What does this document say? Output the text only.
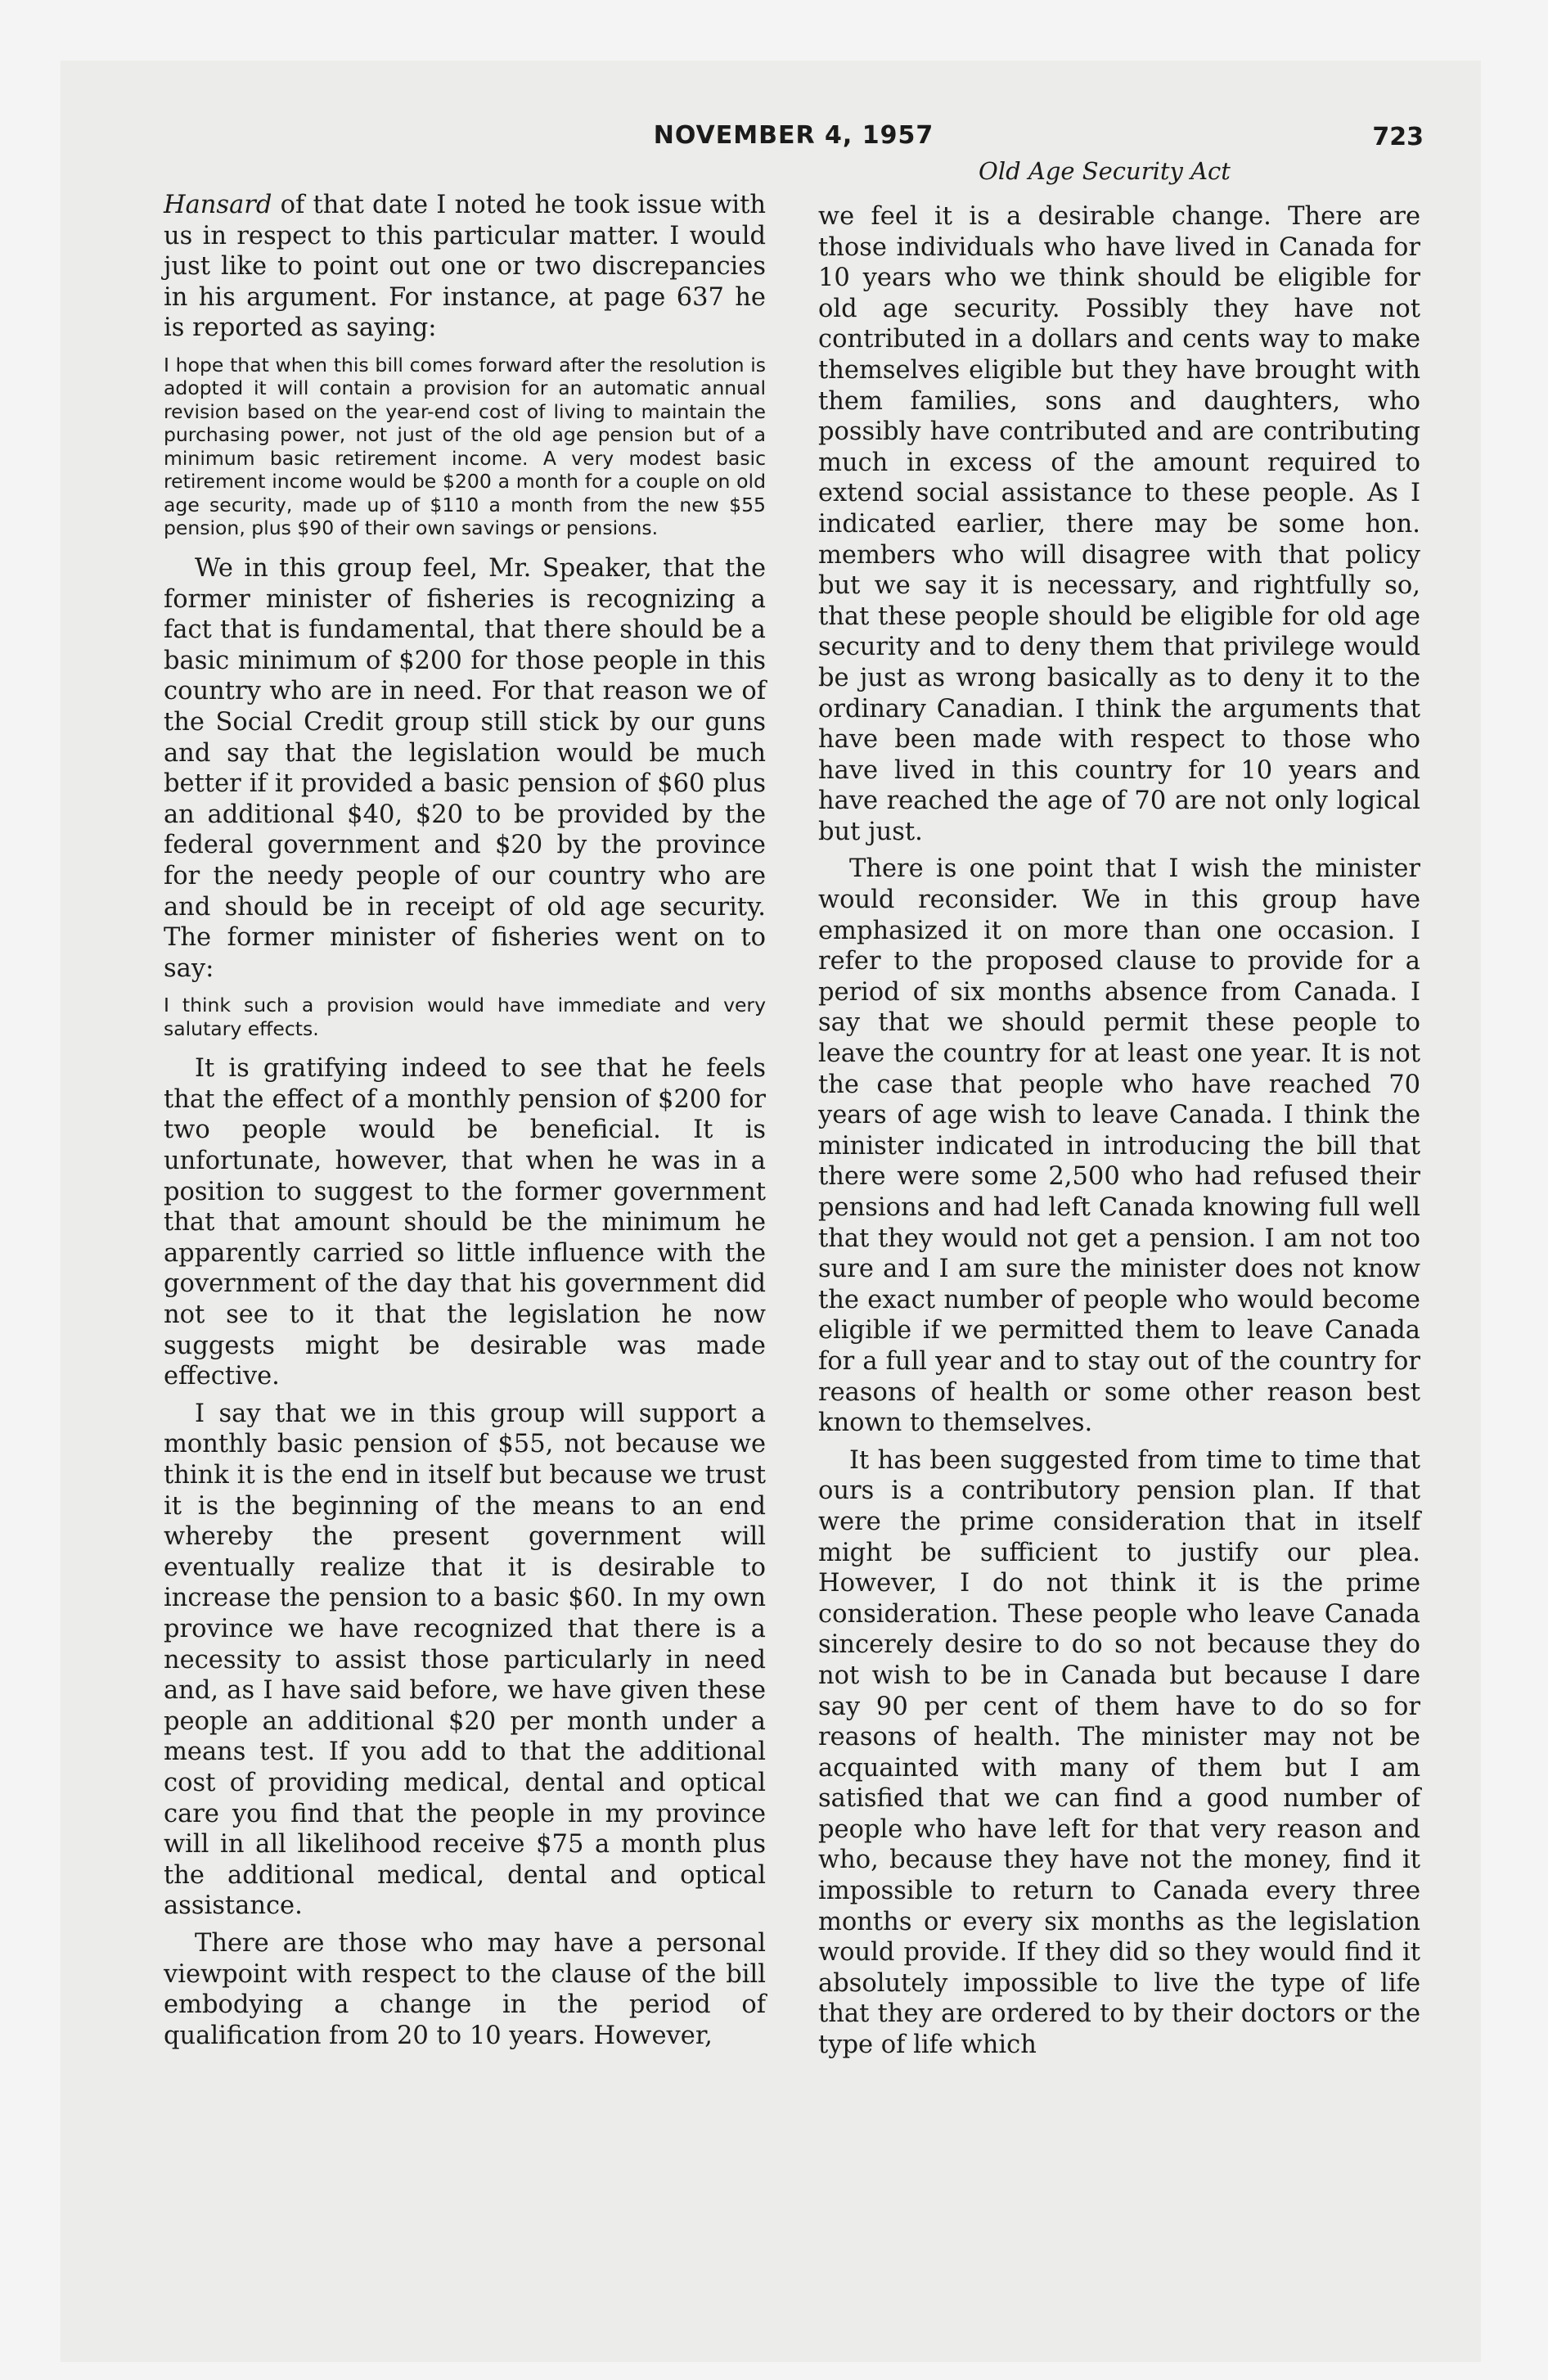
NOVEMBER 4, 1957	723
Old Age Security Act

Hansard of that date I noted he took issue with us in respect to this particular matter. I would just like to point out one or two discrepancies in his argument. For instance, at page 637 he is reported as saying:

I hope that when this bill comes forward after the resolution is adopted it will contain a provision for an automatic annual revision based on the year-end cost of living to maintain the purchasing power, not just of the old age pension but of a minimum basic retirement income. A very modest basic retirement income would be $200 a month for a couple on old age security, made up of $110 a month from the new $55 pension, plus $90 of their own savings or pensions.

We in this group feel, Mr. Speaker, that the former minister of fisheries is recognizing a fact that is fundamental, that there should be a basic minimum of $200 for those people in this country who are in need. For that reason we of the Social Credit group still stick by our guns and say that the legislation would be much better if it provided a basic pension of $60 plus an additional $40, $20 to be provided by the federal government and $20 by the province for the needy people of our country who are and should be in receipt of old age security. The former minister of fisheries went on to say:

I think such a provision would have immediate and very salutary effects.

It is gratifying indeed to see that he feels that the effect of a monthly pension of $200 for two people would be beneficial. It is unfortunate, however, that when he was in a position to suggest to the former government that that amount should be the minimum he apparently carried so little influence with the government of the day that his government did not see to it that the legislation he now suggests might be desirable was made effective.

I say that we in this group will support a monthly basic pension of $55, not because we think it is the end in itself but because we trust it is the beginning of the means to an end whereby the present government will eventually realize that it is desirable to increase the pension to a basic $60. In my own province we have recognized that there is a necessity to assist those particularly in need and, as I have said before, we have given these people an additional $20 per month under a means test. If you add to that the additional cost of providing medical, dental and optical care you find that the people in my province will in all likelihood receive $75 a month plus the additional medical, dental and optical assistance.

There are those who may have a personal viewpoint with respect to the clause of the bill embodying a change in the period of qualification from 20 to 10 years. However,

we feel it is a desirable change. There are those individuals who have lived in Canada for 10 years who we think should be eligible for old age security. Possibly they have not contributed in a dollars and cents way to make themselves eligible but they have brought with them families, sons and daughters, who possibly have contributed and are contributing much in excess of the amount required to extend social assistance to these people. As I indicated earlier, there may be some hon. members who will disagree with that policy but we say it is necessary, and rightfully so, that these people should be eligible for old age security and to deny them that privilege would be just as wrong basically as to deny it to the ordinary Canadian. I think the arguments that have been made with respect to those who have lived in this country for 10 years and have reached the age of 70 are not only logical but just.

There is one point that I wish the minister would reconsider. We in this group have emphasized it on more than one occasion. I refer to the proposed clause to provide for a period of six months absence from Canada. I say that we should permit these people to leave the country for at least one year. It is not the case that people who have reached 70 years of age wish to leave Canada. I think the minister indicated in introducing the bill that there were some 2,500 who had refused their pensions and had left Canada knowing full well that they would not get a pension. I am not too sure and I am sure the minister does not know the exact number of people who would become eligible if we permitted them to leave Canada for a full year and to stay out of the country for reasons of health or some other reason best known to themselves.

It has been suggested from time to time that ours is a contributory pension plan. If that were the prime consideration that in itself might be sufficient to justify our plea. However, I do not think it is the prime consideration. These people who leave Canada sincerely desire to do so not because they do not wish to be in Canada but because I dare say 90 per cent of them have to do so for reasons of health. The minister may not be acquainted with many of them but I am satisfied that we can find a good number of people who have left for that very reason and who, because they have not the money, find it impossible to return to Canada every three months or every six months as the legislation would provide. If they did so they would find it absolutely impossible to live the type of life that they are ordered to by their doctors or the type of life which
